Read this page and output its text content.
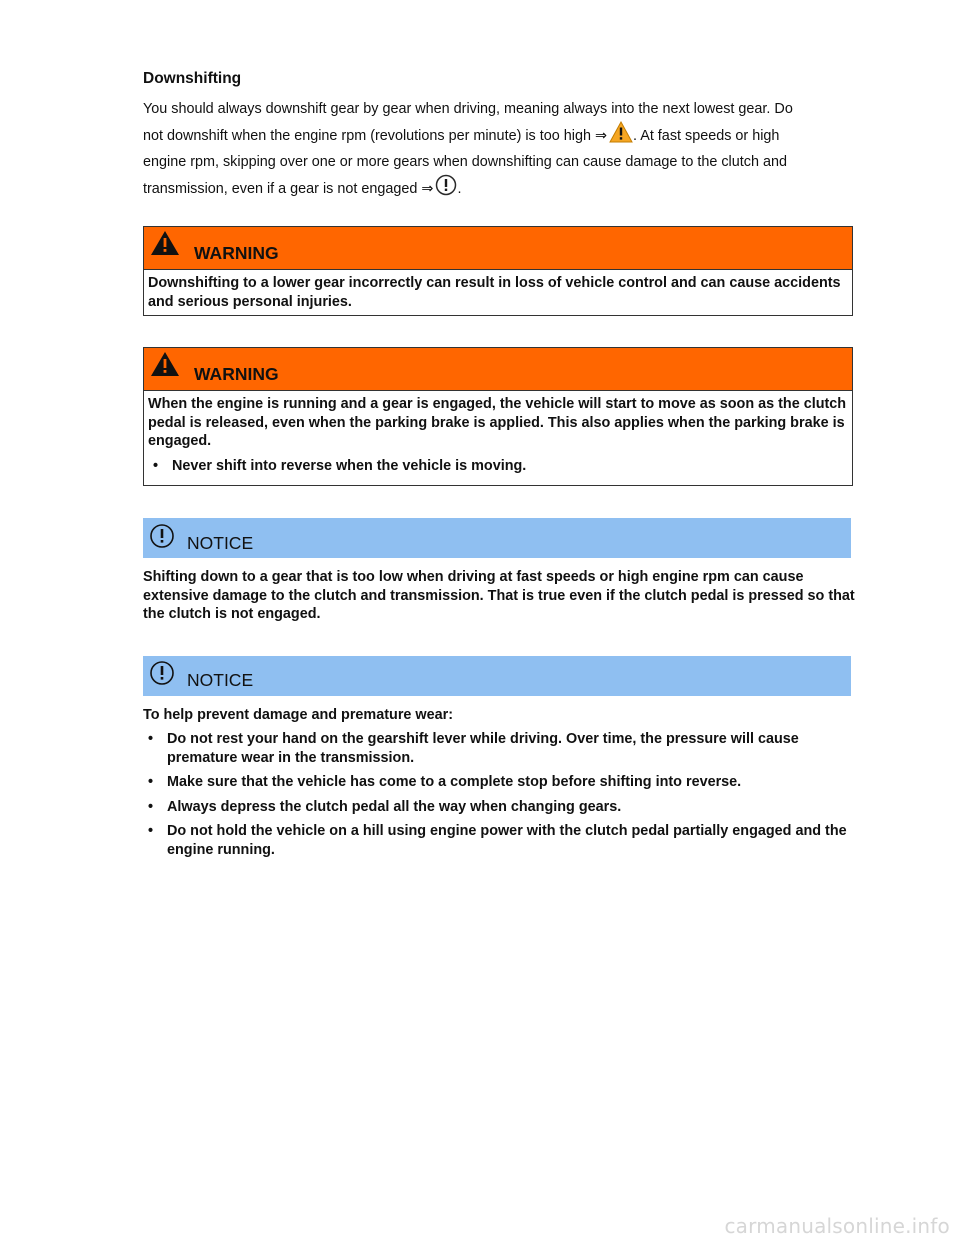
Downshifting
You should always downshift gear by gear when driving, meaning always into the next lowest gear. Do
not downshift when the engine rpm (revolutions per minute) is too high ⇒ . At fast speeds or high
engine rpm, skipping over one or more gears when downshifting can cause damage to the clutch and
transmission, even if a gear is not engaged ⇒ .
WARNING

Downshifting to a lower gear incorrectly can result in loss of vehicle control and can cause accidents and serious personal injuries.

WARNING

When the engine is running and a gear is engaged, the vehicle will start to move as soon as the clutch pedal is released, even when the parking brake is applied. This also applies when the parking brake is engaged.

• Never shift into reverse when the vehicle is moving.
NOTICE

Shifting down to a gear that is too low when driving at fast speeds or high engine rpm can cause extensive damage to the clutch and transmission. That is true even if the clutch pedal is pressed so that the clutch is not engaged.

NOTICE

To help prevent damage and premature wear:

• Do not rest your hand on the gearshift lever while driving. Over time, the pressure will cause premature wear in the transmission.
• Make sure that the vehicle has come to a complete stop before shifting into reverse.
• Always depress the clutch pedal all the way when changing gears.
• Do not hold the vehicle on a hill using engine power with the clutch pedal partially engaged and the engine running.
carmanualsonline.info
